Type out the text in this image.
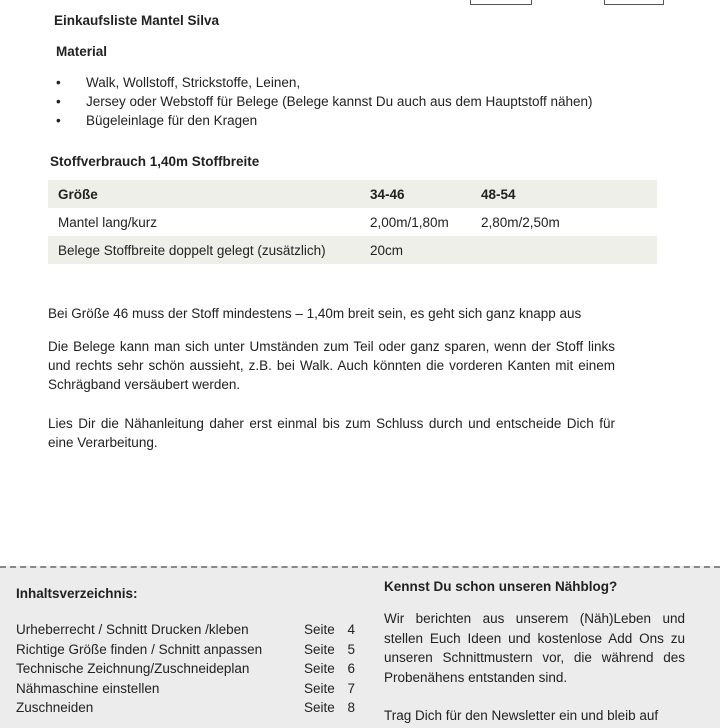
Einkaufsliste Mantel Silva
Material
• Walk, Wollstoff, Strickstoffe, Leinen,
• Jersey oder Webstoff für Belege (Belege kannst Du auch aus dem Hauptstoff nähen)
• Bügeleinlage für den Kragen
Stoffverbrauch 1,40m Stoffbreite
Größe	34-46	48-54
Mantel lang/kurz	2,00m/1,80m	2,80m/2,50m
Belege Stoffbreite doppelt gelegt (zusätzlich)	20cm	
Bei Größe 46 muss der Stoff mindestens – 1,40m breit sein, es geht sich ganz knapp aus
Die Belege kann man sich unter Umständen zum Teil oder ganz sparen, wenn der Stoff links und rechts sehr schön aussieht, z.B. bei Walk. Auch könnten die vorderen Kanten mit einem Schrägband versäubert werden.
Lies Dir die Nähanleitung daher erst einmal bis zum Schluss durch und entscheide Dich für eine Verarbeitung.
Inhaltsverzeichnis:
Urheberrecht / Schnitt Drucken /kleben	Seite 4
Richtige Größe finden / Schnitt anpassen	Seite 5
Technische Zeichnung/Zuschneideplan	Seite 6
Nähmaschine einstellen	Seite 7
Zuschneiden	Seite 8
Kennst Du schon unseren Nähblog?
Wir berichten aus unserem (Näh)Leben und stellen Euch Ideen und kostenlose Add Ons zu unseren Schnittmustern vor, die während des Probenähens entstanden sind.
Trag Dich für den Newsletter ein und bleib auf
